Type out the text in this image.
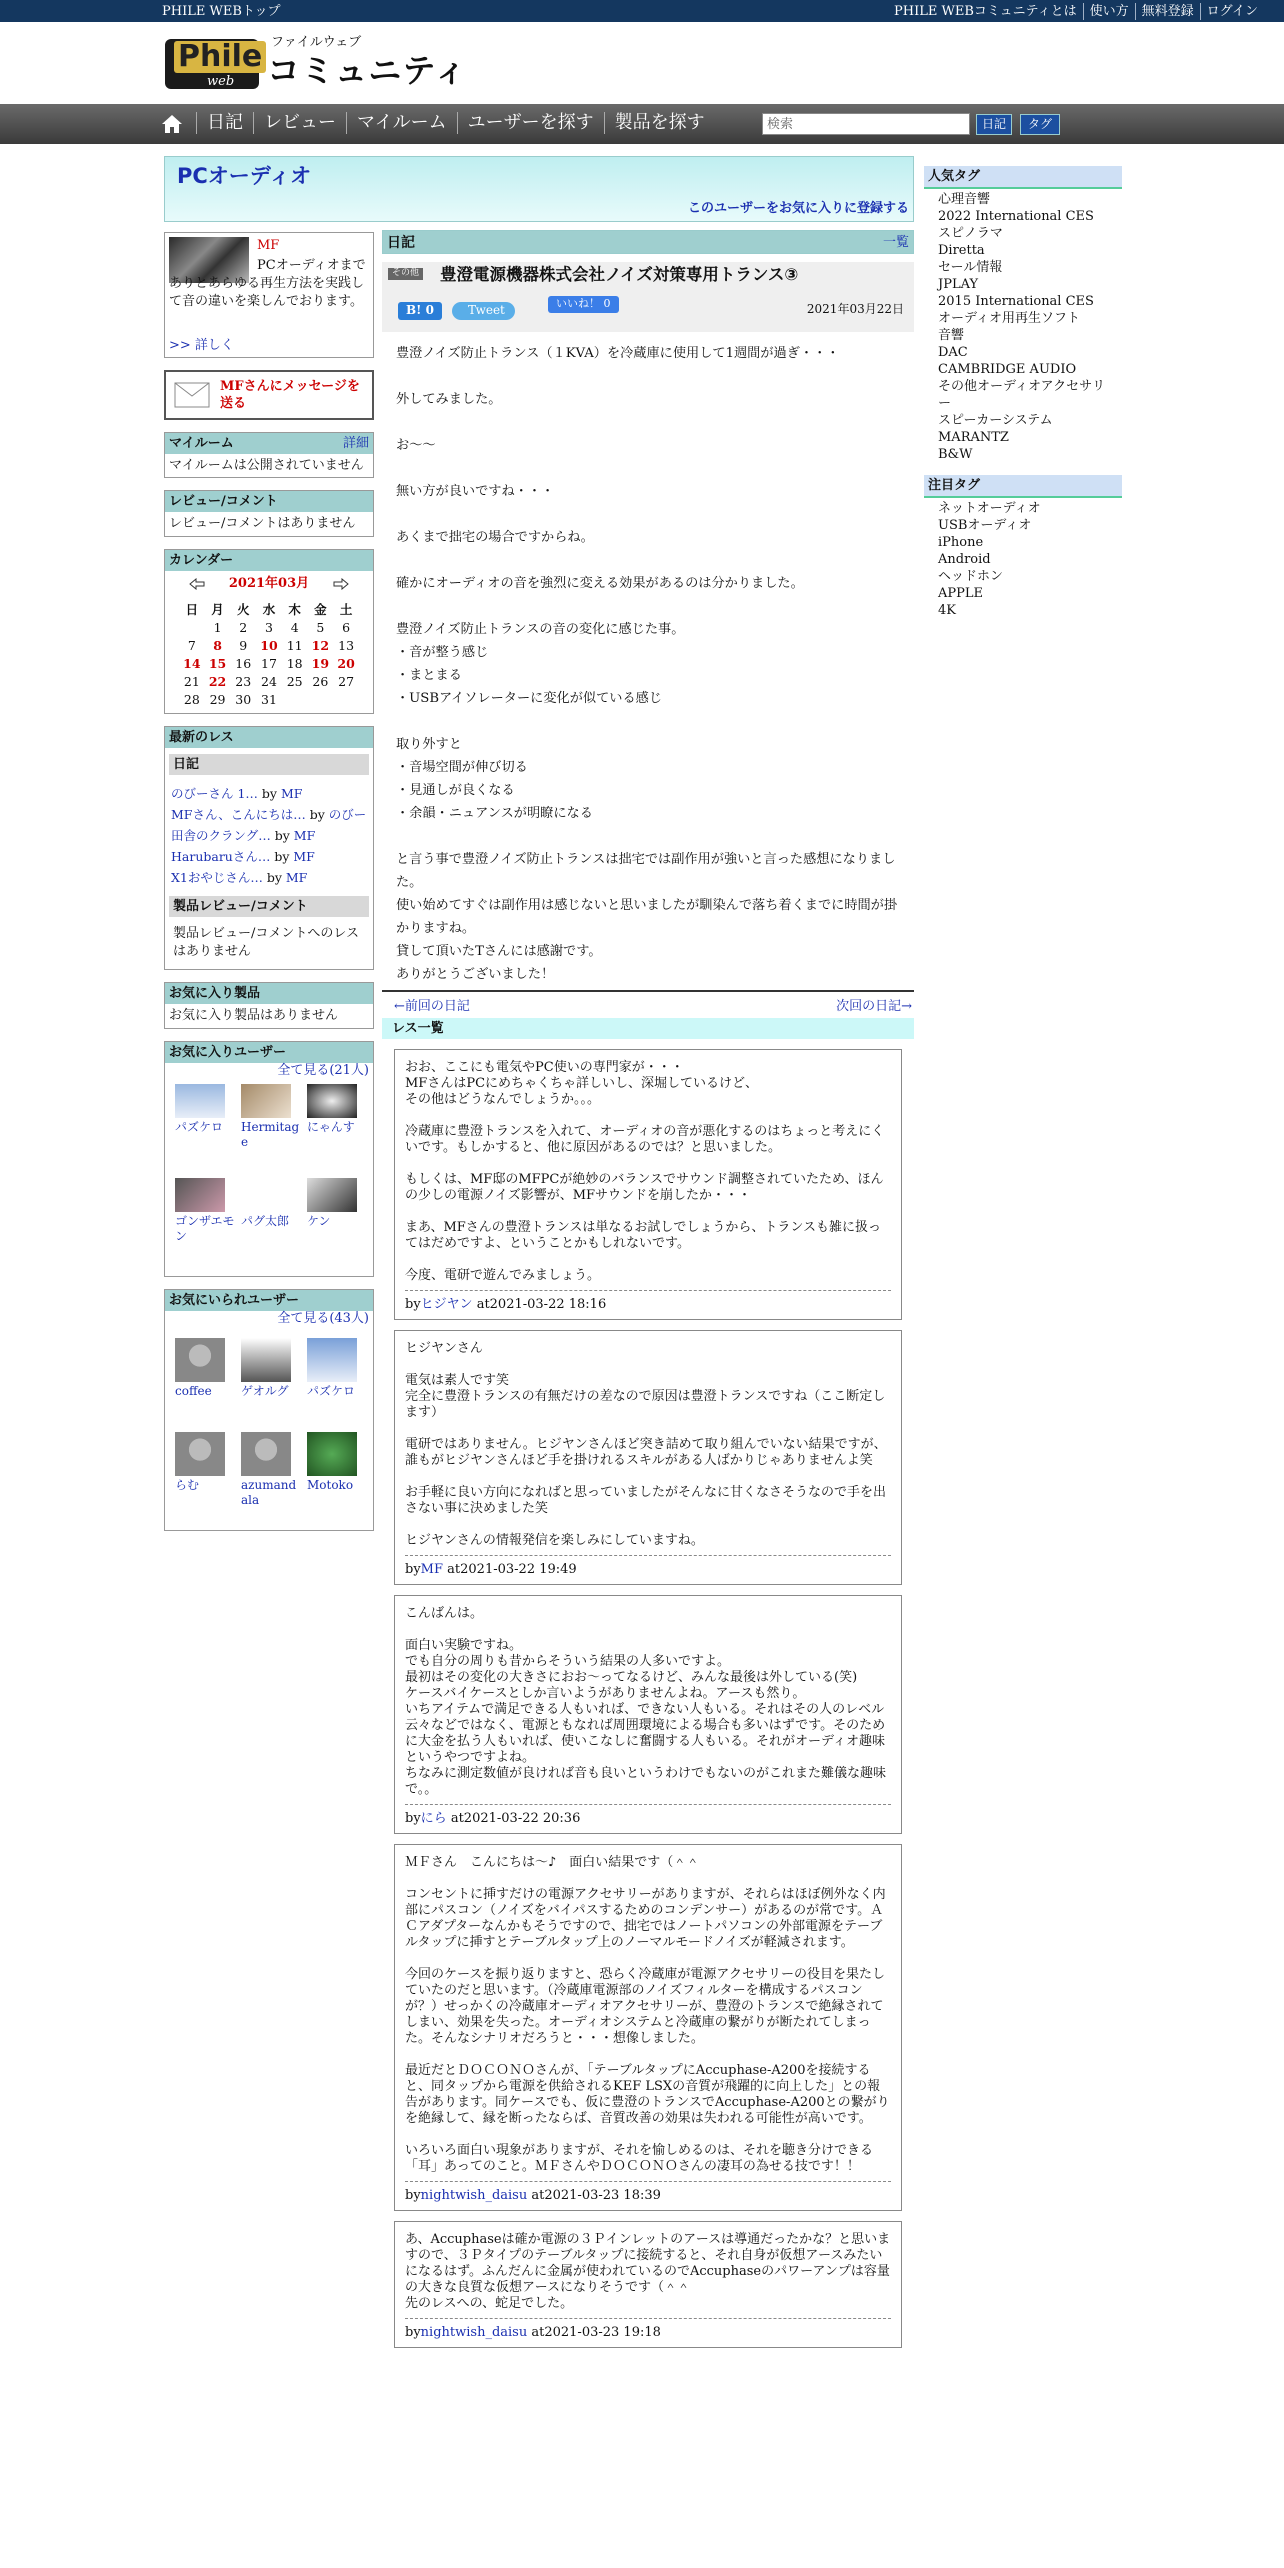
PHILE WEBトップ	PHILE WEBコミュニティとは	使い方	無料登録	ログイン
Phile
web
ファイルウェブ
コミュニティ
日記	レビュー	マイルーム	ユーザーを探す	製品を探す	検索	日記	タグ
PCオーディオ
このユーザーをお気に入りに登録する
MF
PCオーディオまでありとあらゆる再生方法を実践して音の違いを楽しんでおります。
>> 詳しく
MFさんにメッセージを送る
マイルーム	詳細
マイルームは公開されていません
レビュー/コメント
レビュー/コメントはありません
カレンダー
2021年03月
日	月	火	水	木	金	土
	1	2	3	4	5	6
7	8	9	10	11	12	13
14	15	16	17	18	19	20
21	22	23	24	25	26	27
28	29	30	31			
最新のレス
日記
のびーさん 1… by MF
MFさん、こんにちは… by のびー
田舎のクラング… by MF
Harubaruさん… by MF
X1おやじさん… by MF
製品レビュー/コメント
製品レビュー/コメントへのレスはありません
お気に入り製品
お気に入り製品はありません
お気に入りユーザー
全て見る(21人)
パズケロ	Hermitage
にゃんす
ゴンザエモン
パグ太郎	ケン
お気にいられユーザー
全て見る(43人)
coffee	ゲオルグ	パズケロ
らむ	azumandala
Motoko
日記	一覧
その他 豊澄電源機器株式会社ノイズ対策専用トランス③
B! 0	Tweet	いいね！ 0	2021年03月22日
豊澄ノイズ防止トランス（１KVA）を冷蔵庫に使用して1週間が過ぎ・・・
外してみました。
お～～
無い方が良いですね・・・
あくまで拙宅の場合ですからね。
確かにオーディオの音を強烈に変える効果があるのは分かりました。
豊澄ノイズ防止トランスの音の変化に感じた事。
・音が整う感じ
・まとまる
・USBアイソレーターに変化が似ている感じ
取り外すと
・音場空間が伸び切る
・見通しが良くなる
・余韻・ニュアンスが明瞭になる
と言う事で豊澄ノイズ防止トランスは拙宅では副作用が強いと言った感想になりました。
使い始めてすぐは副作用は感じないと思いましたが馴染んで落ち着くまでに時間が掛かりますね。
貸して頂いたTさんには感謝です。
ありがとうございました！
←前回の日記	次回の日記→
レス一覧
おお、ここにも電気やPC使いの専門家が・・・
MFさんはPCにめちゃくちゃ詳しいし、深堀しているけど、
その他はどうなんでしょうか。。。

冷蔵庫に豊澄トランスを入れて、オーディオの音が悪化するのはちょっと考えにくいです。もしかすると、他に原因があるのでは？と思いました。

もしくは、MF邸のMFPCが絶妙のバランスでサウンド調整されていたため、ほんの少しの電源ノイズ影響が、MFサウンドを崩したか・・・

まあ、MFさんの豊澄トランスは単なるお試しでしょうから、トランスも雑に扱ってはだめですよ、ということかもしれないです。

今度、電研で遊んでみましょう。
byヒジヤン at2021-03-22 18:16
ヒジヤンさん

電気は素人です笑
完全に豊澄トランスの有無だけの差なので原因は豊澄トランスですね（ここ断定します）

電研ではありません。ヒジヤンさんほど突き詰めて取り組んでいない結果ですが、誰もがヒジヤンさんほど手を掛けれるスキルがある人ばかりじゃありませんよ笑

お手軽に良い方向になればと思っていましたがそんなに甘くなさそうなので手を出さない事に決めました笑

ヒジヤンさんの情報発信を楽しみにしていますね。
byMF at2021-03-22 19:49
こんばんは。

面白い実験ですね。
でも自分の周りも昔からそういう結果の人多いですよ。
最初はその変化の大きさにおお～ってなるけど、みんな最後は外している(笑)
ケースバイケースとしか言いようがありませんよね。アースも然り。
いちアイテムで満足できる人もいれば、できない人もいる。それはその人のレベル云々などではなく、電源ともなれば周囲環境による場合も多いはずです。そのために大金を払う人もいれば、使いこなしに奮闘する人もいる。それがオーディオ趣味というやつですよね。
ちなみに測定数値が良ければ音も良いというわけでもないのがこれまた難儀な趣味で。。
byにら at2021-03-22 20:36
ＭＦさん　こんにちは～♪　面白い結果です（＾＾

コンセントに挿すだけの電源アクセサリーがありますが、それらはほぼ例外なく内部にパスコン（ノイズをバイパスするためのコンデンサー）があるのが常です。ＡＣアダプターなんかもそうですので、拙宅ではノートパソコンの外部電源をテーブルタップに挿すとテーブルタップ上のノーマルモードノイズが軽減されます。

今回のケースを振り返りますと、恐らく冷蔵庫が電源アクセサリーの役目を果たしていたのだと思います。（冷蔵庫電源部のノイズフィルターを構成するパスコンが？）せっかくの冷蔵庫オーディオアクセサリーが、豊澄のトランスで絶縁されてしまい、効果を失った。オーディオシステムと冷蔵庫の繋がりが断たれてしまった。そんなシナリオだろうと・・・想像しました。

最近だとＤＯＣＯＮＯさんが、「テーブルタップにAccuphase-A200を接続すると、同タップから電源を供給されるKEF LSXの音質が飛躍的に向上した」との報告があります。同ケースでも、仮に豊澄のトランスでAccuphase-A200との繋がりを絶縁して、縁を断ったならば、音質改善の効果は失われる可能性が高いです。

いろいろ面白い現象がありますが、それを愉しめるのは、それを聴き分けできる「耳」あってのこと。ＭＦさんやＤＯＣＯＮＯさんの凄耳の為せる技です！！
bynightwish_daisu at2021-03-23 18:39
あ、Accuphaseは確か電源の３Ｐインレットのアースは導通だったかな？と思いますので、３Ｐタイプのテーブルタップに接続すると、それ自身が仮想アースみたいになるはず。ふんだんに金属が使われているのでAccuphaseのパワーアンプは容量の大きな良質な仮想アースになりそうです（＾＾
先のレスへの、蛇足でした。
bynightwish_daisu at2021-03-23 19:18
人気タグ
心理音響
2022 International CES
スピノラマ
Diretta
セール情報
JPLAY
2015 International CES
オーディオ用再生ソフト
音響
DAC
CAMBRIDGE AUDIO
その他オーディオアクセサリー
スピーカーシステム
MARANTZ
B&W
注目タグ
ネットオーディオ
USBオーディオ
iPhone
Android
ヘッドホン
APPLE
4K
